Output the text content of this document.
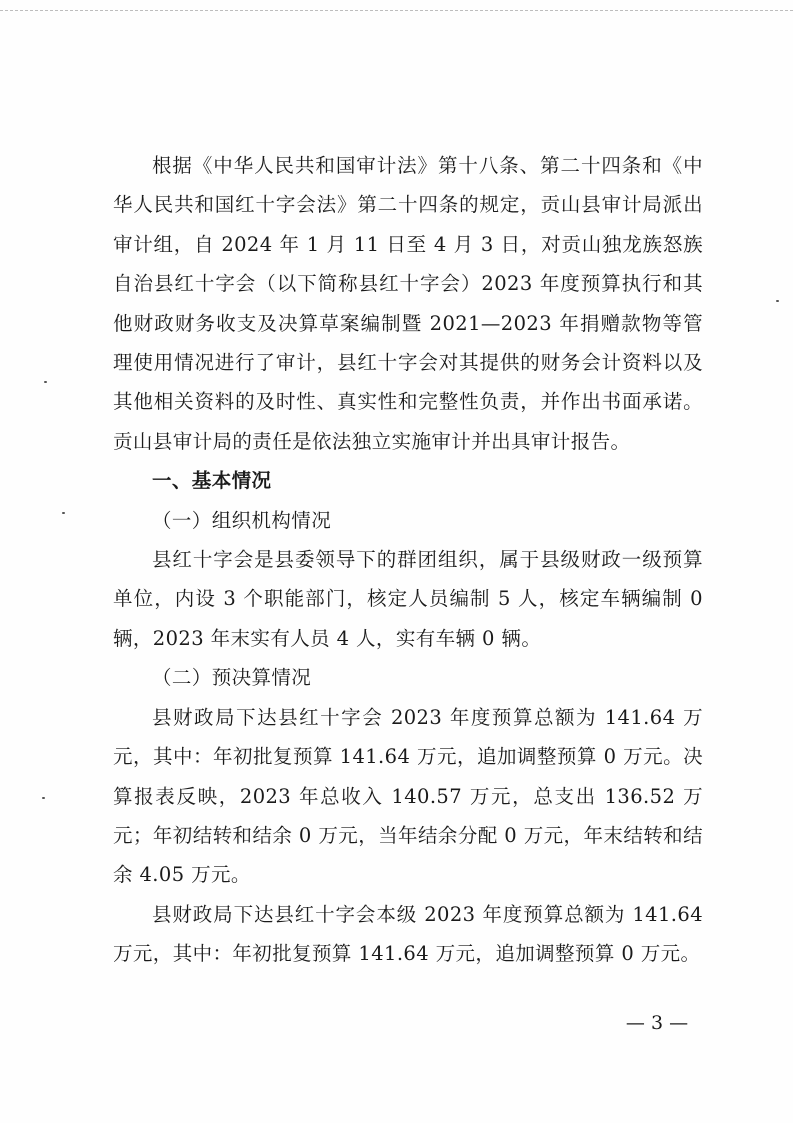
根据《中华人民共和国审计法》第十八条、第二十四条和《中华人民共和国红十字会法》第二十四条的规定，贡山县审计局派出审计组，自 2024 年 1 月 11 日至 4 月 3 日，对贡山独龙族怒族自治县红十字会（以下简称县红十字会）2023 年度预算执行和其他财政财务收支及决算草案编制暨 2021—2023 年捐赠款物等管理使用情况进行了审计，县红十字会对其提供的财务会计资料以及其他相关资料的及时性、真实性和完整性负责，并作出书面承诺。贡山县审计局的责任是依法独立实施审计并出具审计报告。

一、基本情况

（一）组织机构情况

县红十字会是县委领导下的群团组织，属于县级财政一级预算单位，内设 3 个职能部门，核定人员编制 5 人，核定车辆编制 0 辆，2023 年末实有人员 4 人，实有车辆 0 辆。

（二）预决算情况

县财政局下达县红十字会 2023 年度预算总额为 141.64 万元，其中：年初批复预算 141.64 万元，追加调整预算 0 万元。决算报表反映，2023 年总收入 140.57 万元，总支出 136.52 万元；年初结转和结余 0 万元，当年结余分配 0 万元，年末结转和结余 4.05 万元。

县财政局下达县红十字会本级 2023 年度预算总额为 141.64 万元，其中：年初批复预算 141.64 万元，追加调整预算 0 万元。

— 3 —
